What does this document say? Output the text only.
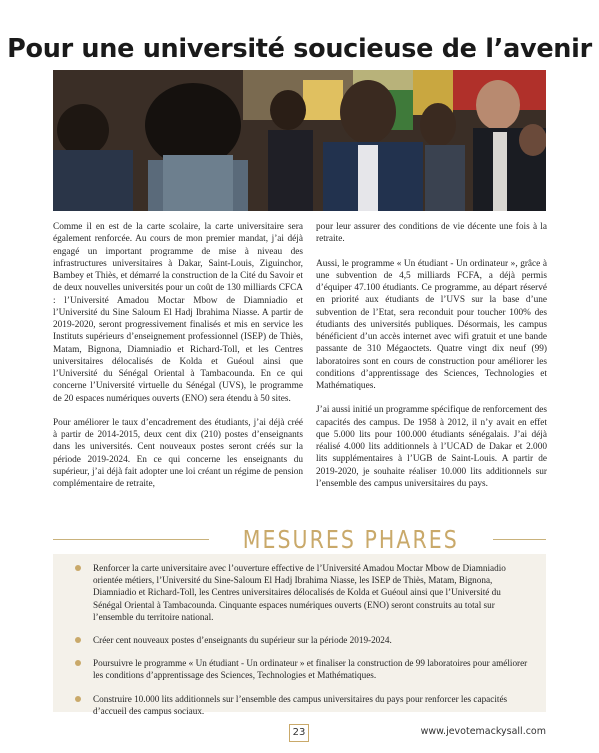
Pour une université soucieuse de l’avenir

Comme il en est de la carte scolaire, la carte universitaire sera également renforcée. Au cours de mon premier mandat, j’ai déjà engagé un important programme de mise à niveau des infrastructures universitaires à Dakar, Saint-Louis, Ziguinchor, Bambey et Thiès, et démarré la construction de la Cité du Savoir et de deux nouvelles universités pour un coût de 130 milliards CFCA : l’Université Amadou Moctar Mbow de Diamniadio et l’Université du Sine Saloum El Hadj Ibrahima Niasse. A partir de 2019-2020, seront progressivement finalisés et mis en service les Instituts supérieurs d’enseignement professionnel (ISEP) de Thiès, Matam, Bignona, Diamniadio et Richard-Toll, et les Centres universitaires délocalisés de Kolda et Guéoul ainsi que l’Université du Sénégal Oriental à Tambacounda. En ce qui concerne l’Université virtuelle du Sénégal (UVS), le programme de 20 espaces numériques ouverts (ENO) sera étendu à 50 sites.

Pour améliorer le taux d’encadrement des étudiants, j’ai déjà créé à partir de 2014-2015, deux cent dix (210) postes d’enseignants dans les universités. Cent nouveaux postes seront créés sur la période 2019-2024. En ce qui concerne les enseignants du supérieur, j’ai déjà fait adopter une loi créant un régime de pension complémentaire de retraite,

pour leur assurer des conditions de vie décente une fois à la retraite.

Aussi, le programme « Un étudiant - Un ordinateur », grâce à une subvention de 4,5 milliards FCFA, a déjà permis d’équiper 47.100 étudiants. Ce programme, au départ réservé en priorité aux étudiants de l’UVS sur la base d’une subvention de l’Etat, sera reconduit pour toucher 100% des étudiants des universités publiques. Désormais, les campus bénéficient d’un accès internet avec wifi gratuit et une bande passante de 310 Mégaoctets. Quatre vingt dix neuf (99) laboratoires sont en cours de construction pour améliorer les conditions d’apprentissage des Sciences, Technologies et Mathématiques.

J’ai aussi initié un programme spécifique de renforcement des capacités des campus. De 1958 à 2012, il n’y avait en effet que 5.000 lits pour 100.000 étudiants sénégalais. J’ai déjà réalisé 4.000 lits additionnels à l’UCAD de Dakar et 2.000 lits supplémentaires à l’UGB de Saint-Louis. A partir de 2019-2020, je souhaite réaliser 10.000 lits additionnels sur l’ensemble des campus universitaires du pays.

MESURES PHARES
Renforcer la carte universitaire avec l’ouverture effective de l’Université Amadou Moctar Mbow de Diamniadio orientée métiers, l’Université du Sine-Saloum El Hadj Ibrahima Niasse, les ISEP de Thiès, Matam, Bignona, Diamniadio et Richard-Toll, les Centres universitaires délocalisés de Kolda et Guéoul ainsi que l’Université du Sénégal Oriental à Tambacounda. Cinquante espaces numériques ouverts (ENO) seront construits au total sur l’ensemble du territoire national.
Créer cent nouveaux postes d’enseignants du supérieur sur la période 2019-2024.
Poursuivre le programme « Un étudiant - Un ordinateur » et finaliser la construction de 99 laboratoires pour améliorer les conditions d’apprentissage des Sciences, Technologies et Mathématiques.
Construire 10.000 lits additionnels sur l’ensemble des campus universitaires du pays pour renforcer les capacités d’accueil des campus sociaux.
23	www.jevotemackysall.com
